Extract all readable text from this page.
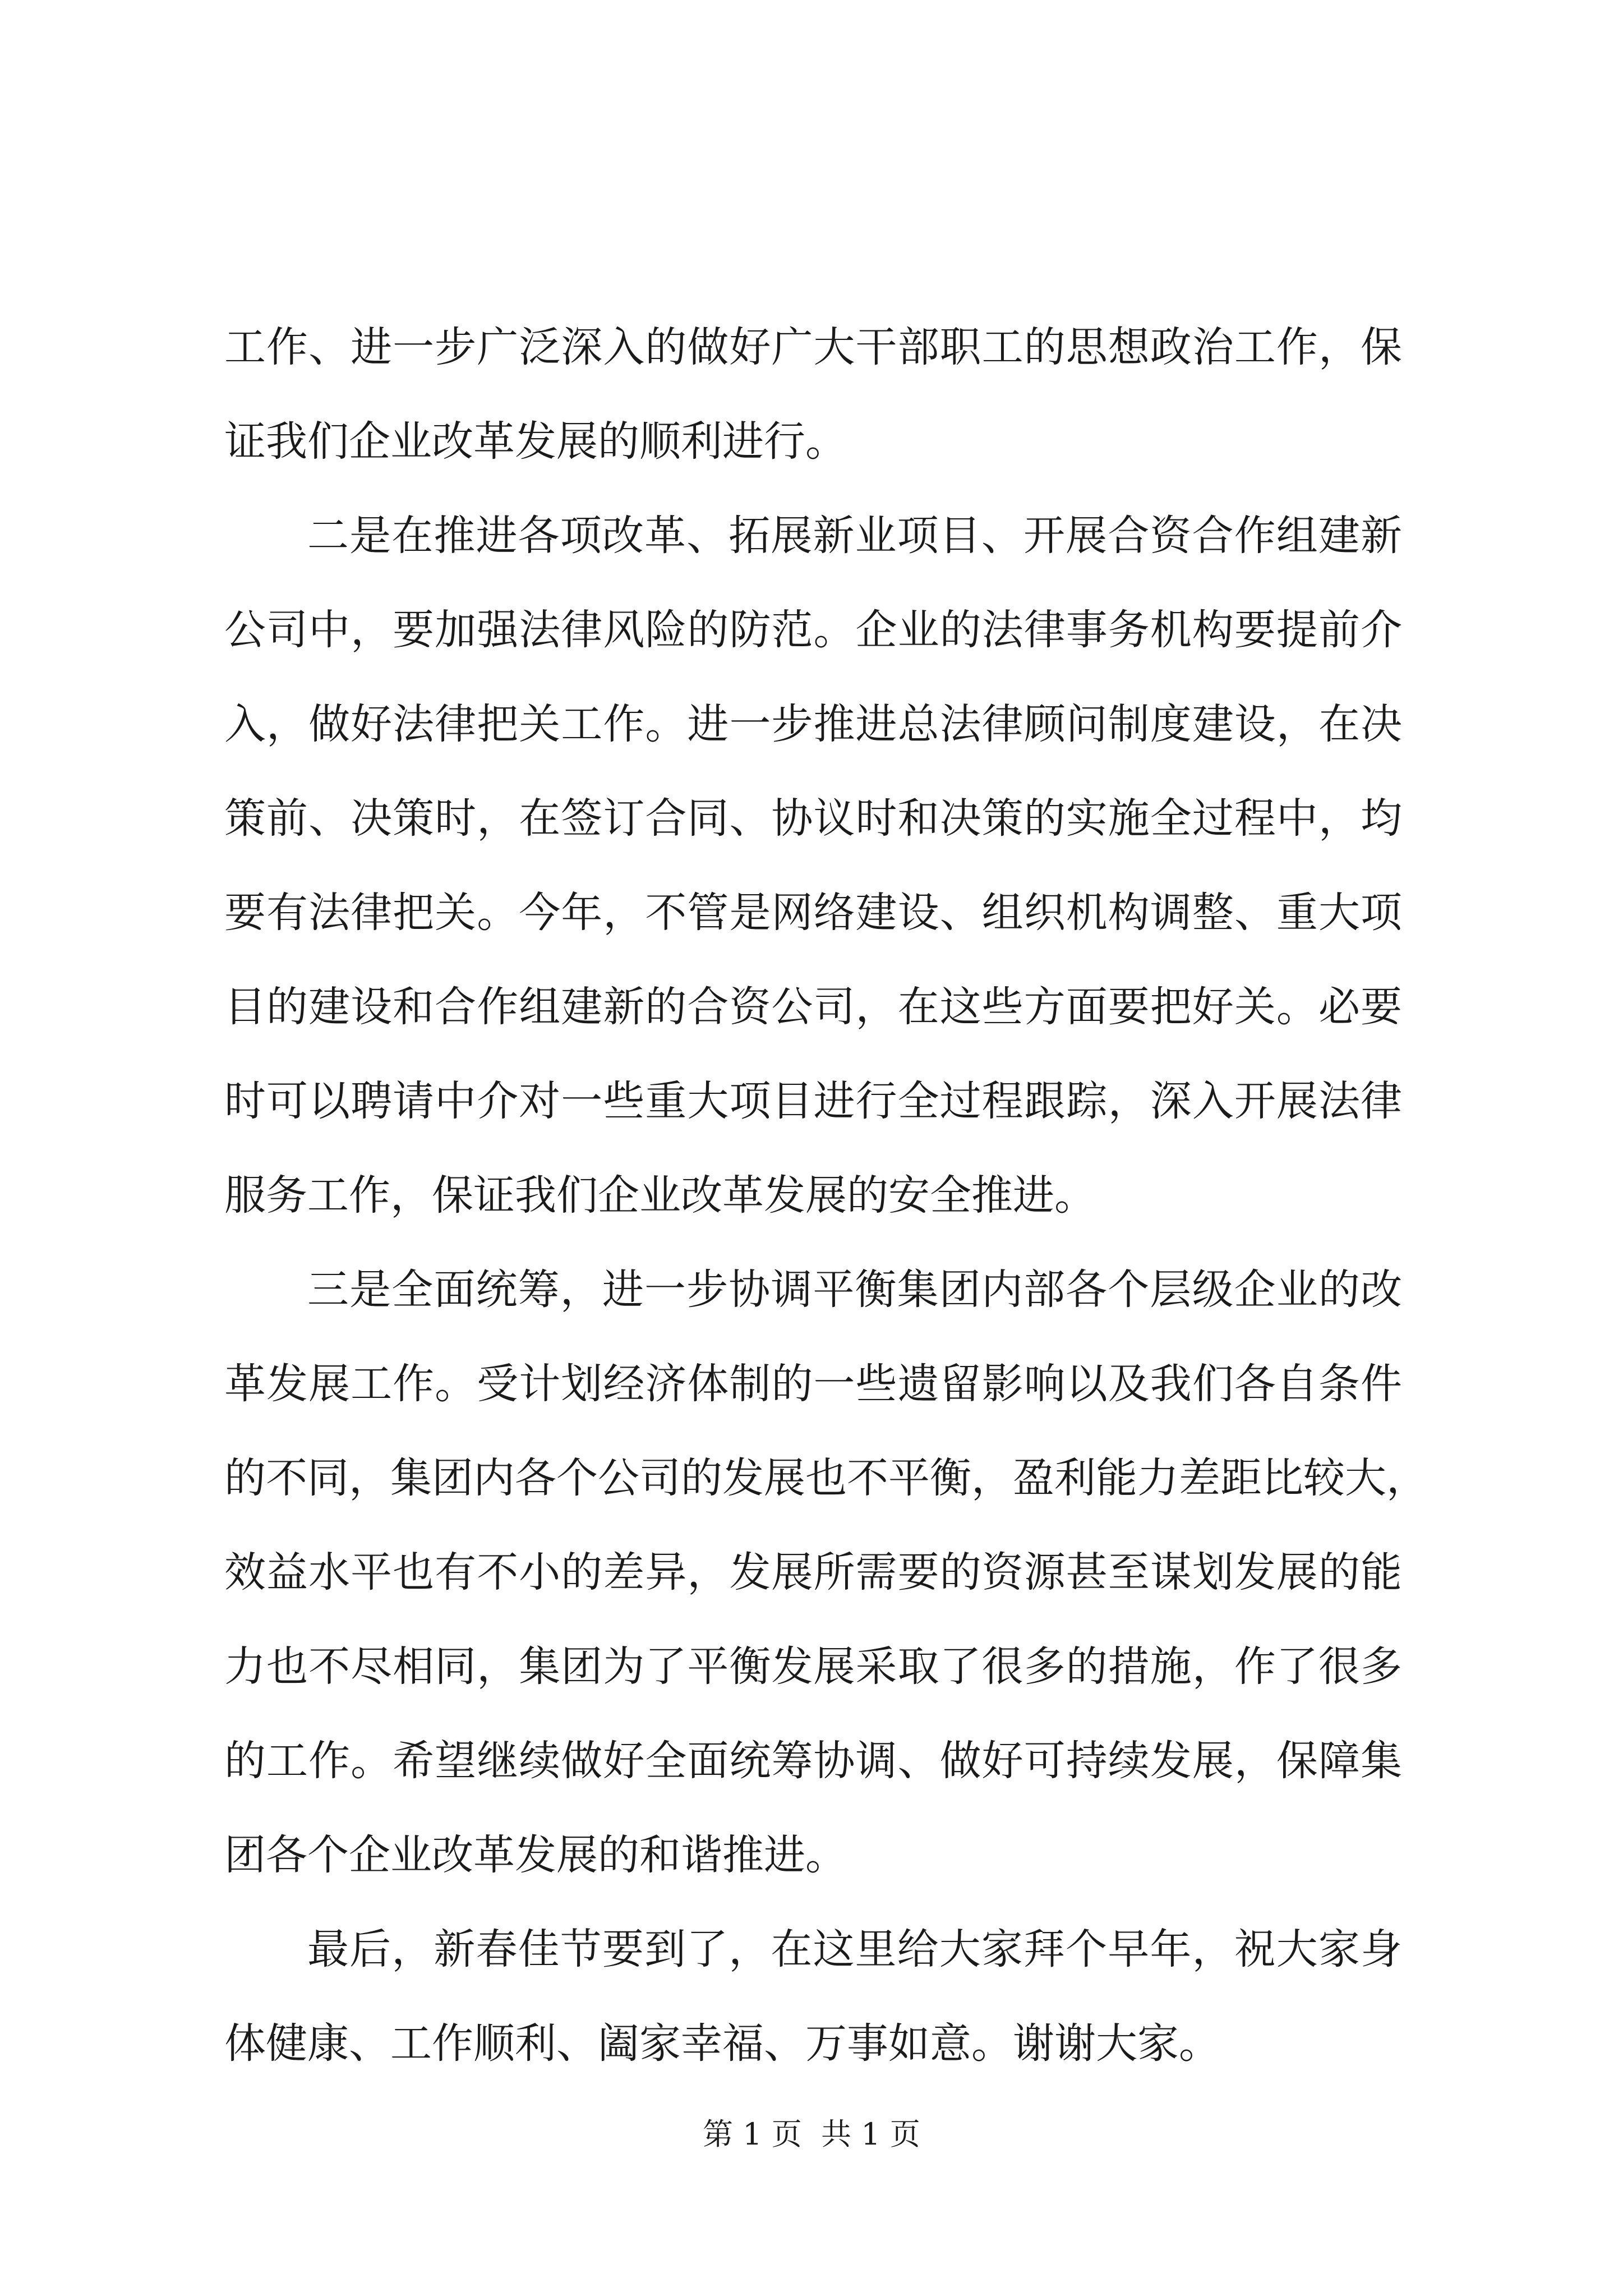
工作、进一步广泛深入的做好广大干部职工的思想政治工作，保
证我们企业改革发展的顺利进行。
二是在推进各项改革、拓展新业项目、开展合资合作组建新
公司中，要加强法律风险的防范。企业的法律事务机构要提前介
入，做好法律把关工作。进一步推进总法律顾问制度建设，在决
策前、决策时，在签订合同、协议时和决策的实施全过程中，均
要有法律把关。今年，不管是网络建设、组织机构调整、重大项
目的建设和合作组建新的合资公司，在这些方面要把好关。必要
时可以聘请中介对一些重大项目进行全过程跟踪，深入开展法律
服务工作，保证我们企业改革发展的安全推进。
三是全面统筹，进一步协调平衡集团内部各个层级企业的改
革发展工作。受计划经济体制的一些遗留影响以及我们各自条件
的不同，集团内各个公司的发展也不平衡，盈利能力差距比较大，
效益水平也有不小的差异，发展所需要的资源甚至谋划发展的能
力也不尽相同，集团为了平衡发展采取了很多的措施，作了很多
的工作。希望继续做好全面统筹协调、做好可持续发展，保障集
团各个企业改革发展的和谐推进。
最后，新春佳节要到了，在这里给大家拜个早年，祝大家身
体健康、工作顺利、阖家幸福、万事如意。谢谢大家。
第 1 页  共 1 页
